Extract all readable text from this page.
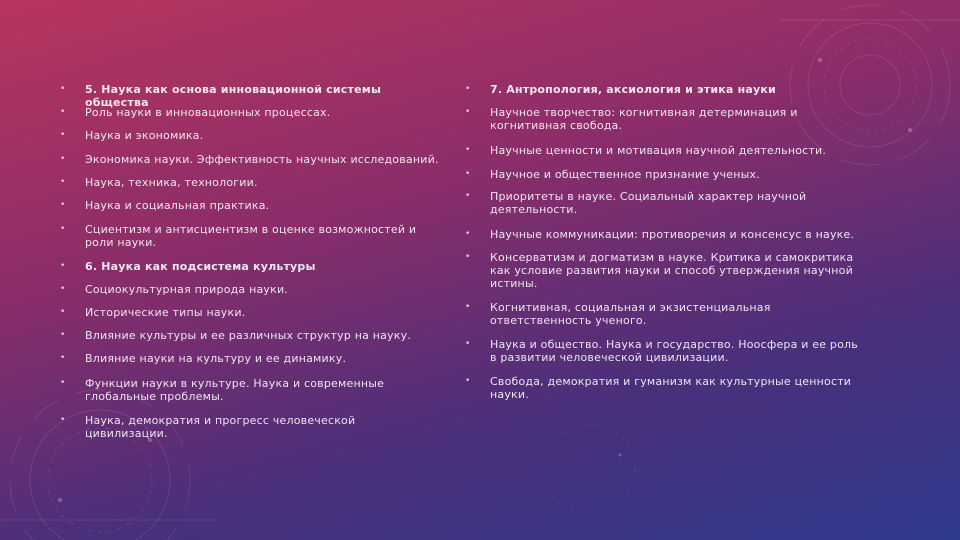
•	5. Наука как основа инновационной системы общества
•	Роль науки в инновационных процессах.
•	Наука и экономика.
•	Экономика науки. Эффективность научных исследований.
•	Наука, техника, технологии.
•	Наука и социальная практика.
•	Сциентизм и антисциентизм в оценке возможностей и роли науки.
•	6. Наука как подсистема культуры
•	Социокультурная природа науки.
•	Исторические типы науки.
•	Влияние культуры и ее различных структур на науку.
•	Влияние науки на культуру и ее динамику.
•	Функции науки в культуре. Наука и современные глобальные проблемы.
•	Наука, демократия и прогресс человеческой цивилизации.
•	7. Антропология, аксиология и этика науки
•	Научное творчество: когнитивная детерминация и когнитивная свобода.
•	Научные ценности и мотивация научной деятельности.
•	Научное и общественное признание ученых.
•	Приоритеты в науке. Социальный характер научной деятельности.
•	Научные коммуникации: противоречия и консенсус в науке.
•	Консерватизм и догматизм в науке. Критика и самокритика как условие развития науки и способ утверждения научной истины.
•	Когнитивная, социальная и экзистенциальная ответственность ученого.
•	Наука и общество. Наука и государство. Ноосфера и ее роль в развитии человеческой цивилизации.
•	Свобода, демократия и гуманизм как культурные ценности науки.
